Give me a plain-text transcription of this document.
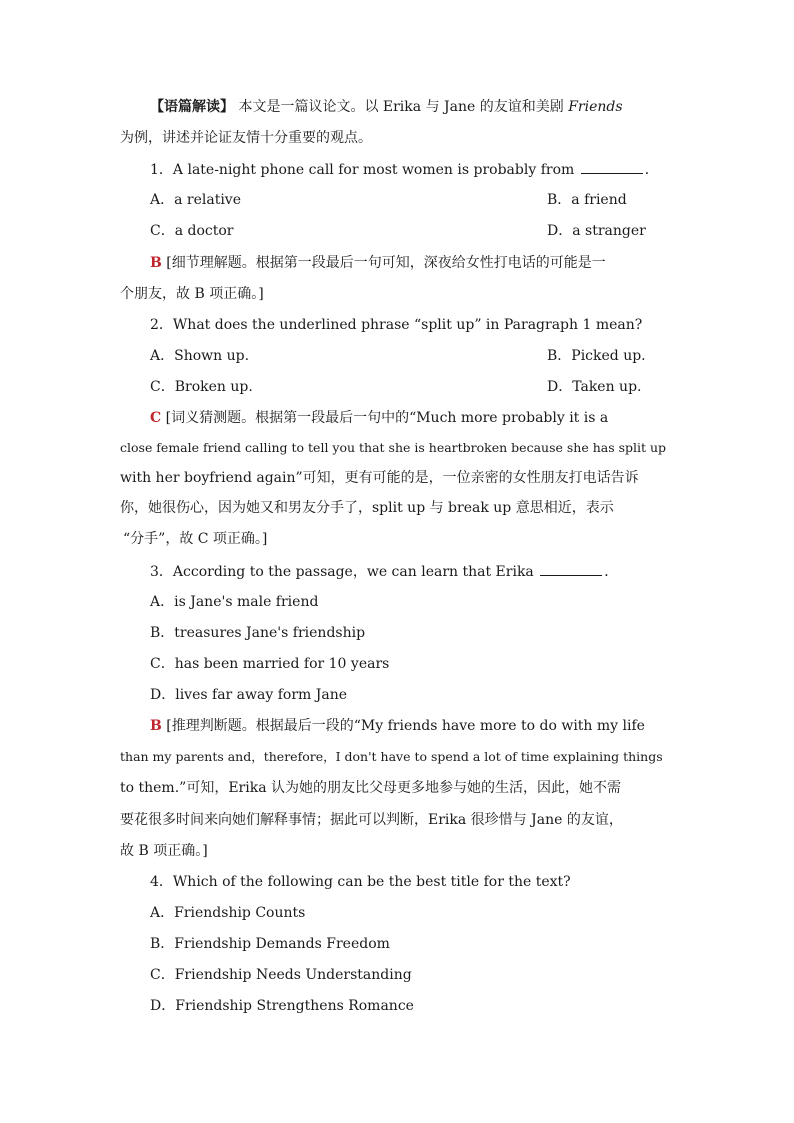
【语篇解读】 本文是一篇议论文。以 Erika 与 Jane 的友谊和美剧 Friends
为例，讲述并论证友情十分重要的观点。
1．A late-night phone call for most women is probably from	．
A．a relative	B．a friend
C．a doctor	D．a stranger
B [细节理解题。根据第一段最后一句可知，深夜给女性打电话的可能是一
个朋友，故 B 项正确。]
2．What does the underlined phrase “split up” in Paragraph 1 mean?
A．Shown up.	B．Picked up.
C．Broken up.	D．Taken up.
C [词义猜测题。根据第一段最后一句中的“Much more probably it is a
close female friend calling to tell you that she is heartbroken because she has split up
with her boyfriend again”可知，更有可能的是，一位亲密的女性朋友打电话告诉
你，她很伤心，因为她又和男友分手了，split up 与 break up 意思相近，表示
“分手”，故 C 项正确。]
3．According to the passage，we can learn that Erika	．
A．is Jane's male friend
B．treasures Jane's friendship
C．has been married for 10 years
D．lives far away form Jane
B [推理判断题。根据最后一段的“My friends have more to do with my life
than my parents and，therefore，I don't have to spend a lot of time explaining things
to them.”可知，Erika 认为她的朋友比父母更多地参与她的生活，因此，她不需
要花很多时间来向她们解释事情；据此可以判断，Erika 很珍惜与 Jane 的友谊，
故 B 项正确。]
4．Which of the following can be the best title for the text?
A．Friendship Counts
B．Friendship Demands Freedom
C．Friendship Needs Understanding
D．Friendship Strengthens Romance
